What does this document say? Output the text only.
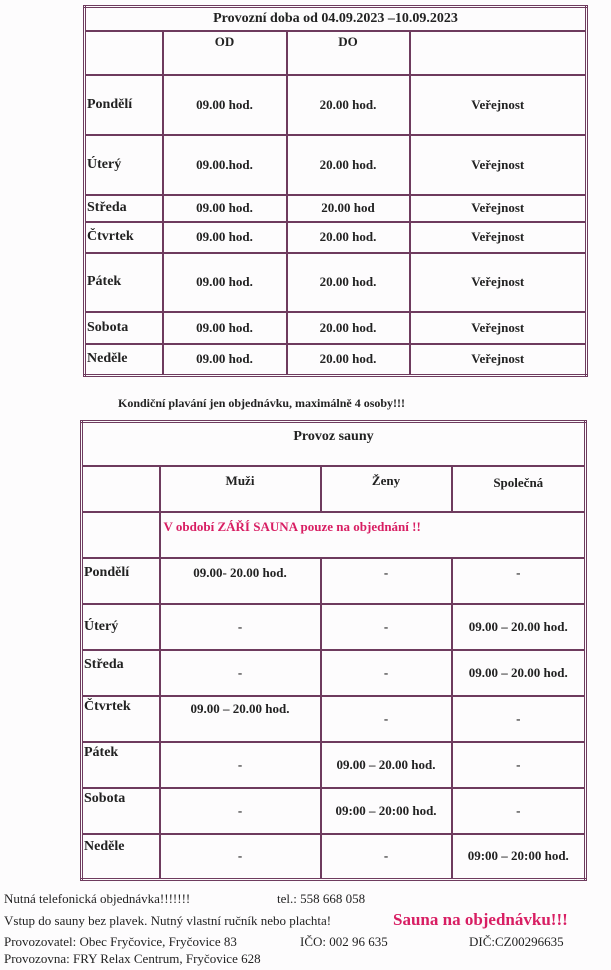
Provozní doba od 04.09.2023 –10.09.2023			
	OD	DO	
Pondělí	09.00 hod.	20.00 hod.	Veřejnost
Úterý	09.00.hod.	20.00 hod.	Veřejnost
Středa	09.00 hod.	20.00 hod	Veřejnost
Čtvrtek	09.00 hod.	20.00 hod.	Veřejnost
Pátek	09.00 hod.	20.00 hod.	Veřejnost
Sobota	09.00 hod.	20.00 hod.	Veřejnost
Neděle	09.00 hod.	20.00 hod.	Veřejnost
Kondiční plavání jen objednávku, maximálně 4 osoby!!!
Provoz sauny			
	Muži	Ženy	Společná
	V období ZÁŘÍ SAUNA pouze na objednání !!		
Pondělí	09.00- 20.00 hod.	-	-
Úterý	-	-	09.00 – 20.00 hod.
Středa	-	-	09.00 – 20.00 hod.
Čtvrtek	09.00 – 20.00 hod.	-	-
Pátek	-	09.00 – 20.00 hod.	-
Sobota	-	09:00 – 20:00 hod.	-
Neděle	-	-	09:00 – 20:00 hod.
Nutná telefonická objednávka!!!!!!!	tel.: 558 668 058
Vstup do sauny bez plavek. Nutný vlastní ručník nebo plachta!	Sauna na objednávku!!!
Provozovatel: Obec Fryčovice, Fryčovice 83	IČO: 002 96 635	DIČ:CZ00296635
Provozovna: FRY Relax Centrum, Fryčovice 628
